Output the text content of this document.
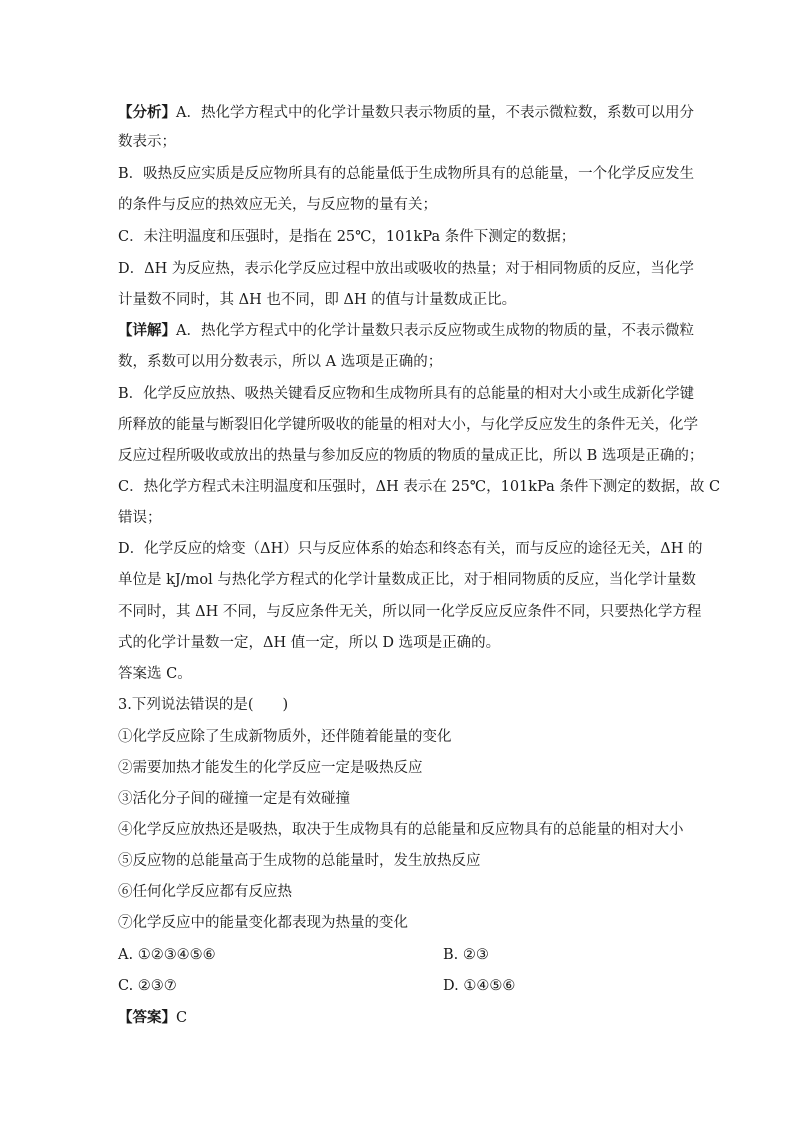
【分析】A．热化学方程式中的化学计量数只表示物质的量，不表示微粒数，系数可以用分
数表示；
B．吸热反应实质是反应物所具有的总能量低于生成物所具有的总能量，一个化学反应发生
的条件与反应的热效应无关，与反应物的量有关；
C．未注明温度和压强时，是指在 25℃，101kPa 条件下测定的数据；
D．ΔH 为反应热，表示化学反应过程中放出或吸收的热量；对于相同物质的反应，当化学
计量数不同时，其 ΔH 也不同，即 ΔH 的值与计量数成正比。
【详解】A．热化学方程式中的化学计量数只表示反应物或生成物的物质的量，不表示微粒
数，系数可以用分数表示，所以 A 选项是正确的；
B．化学反应放热、吸热关键看反应物和生成物所具有的总能量的相对大小或生成新化学键
所释放的能量与断裂旧化学键所吸收的能量的相对大小，与化学反应发生的条件无关，化学
反应过程所吸收或放出的热量与参加反应的物质的物质的量成正比，所以 B 选项是正确的；
C．热化学方程式未注明温度和压强时，ΔH 表示在 25℃，101kPa 条件下测定的数据，故 C
错误；
D．化学反应的焓变（ΔH）只与反应体系的始态和终态有关，而与反应的途径无关，ΔH 的
单位是 kJ/mol 与热化学方程式的化学计量数成正比，对于相同物质的反应，当化学计量数
不同时，其 ΔH 不同，与反应条件无关，所以同一化学反应反应条件不同，只要热化学方程
式的化学计量数一定，ΔH 值一定，所以 D 选项是正确的。
答案选 C。
3.下列说法错误的是(　　)
①化学反应除了生成新物质外，还伴随着能量的变化
②需要加热才能发生的化学反应一定是吸热反应
③活化分子间的碰撞一定是有效碰撞
④化学反应放热还是吸热，取决于生成物具有的总能量和反应物具有的总能量的相对大小
⑤反应物的总能量高于生成物的总能量时，发生放热反应
⑥任何化学反应都有反应热
⑦化学反应中的能量变化都表现为热量的变化
A. ①②③④⑤⑥	B. ②③
C. ②③⑦	D. ①④⑤⑥
【答案】C
